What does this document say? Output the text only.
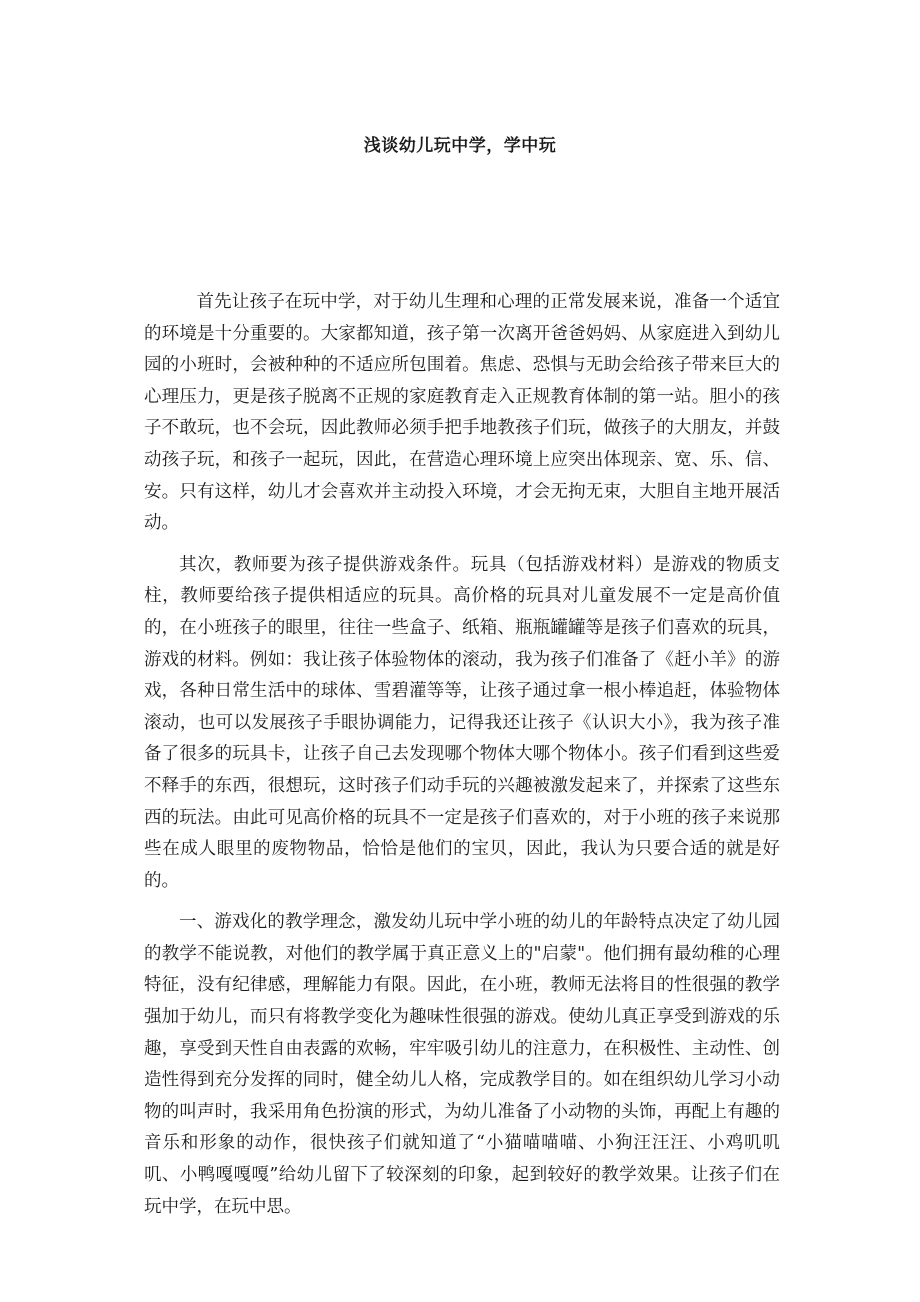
浅谈幼儿玩中学，学中玩

首先让孩子在玩中学，对于幼儿生理和心理的正常发展来说，准备一个适宜的环境是十分重要的。大家都知道，孩子第一次离开爸爸妈妈、从家庭进入到幼儿园的小班时，会被种种的不适应所包围着。焦虑、恐惧与无助会给孩子带来巨大的心理压力，更是孩子脱离不正规的家庭教育走入正规教育体制的第一站。胆小的孩子不敢玩，也不会玩，因此教师必须手把手地教孩子们玩，做孩子的大朋友，并鼓动孩子玩，和孩子一起玩，因此，在营造心理环境上应突出体现亲、宽、乐、信、安。只有这样，幼儿才会喜欢并主动投入环境，才会无拘无束，大胆自主地开展活动。

其次，教师要为孩子提供游戏条件。玩具（包括游戏材料）是游戏的物质支柱，教师要给孩子提供相适应的玩具。高价格的玩具对儿童发展不一定是高价值的，在小班孩子的眼里，往往一些盒子、纸箱、瓶瓶罐罐等是孩子们喜欢的玩具，游戏的材料。例如：我让孩子体验物体的滚动，我为孩子们准备了《赶小羊》的游戏，各种日常生活中的球体、雪碧灌等等，让孩子通过拿一根小棒追赶，体验物体滚动，也可以发展孩子手眼协调能力，记得我还让孩子《认识大小》，我为孩子准备了很多的玩具卡，让孩子自己去发现哪个物体大哪个物体小。孩子们看到这些爱不释手的东西，很想玩，这时孩子们动手玩的兴趣被激发起来了，并探索了这些东西的玩法。由此可见高价格的玩具不一定是孩子们喜欢的，对于小班的孩子来说那些在成人眼里的废物物品，恰恰是他们的宝贝，因此，我认为只要合适的就是好的。

一、游戏化的教学理念，激发幼儿玩中学小班的幼儿的年龄特点决定了幼儿园的教学不能说教，对他们的教学属于真正意义上的"启蒙"。他们拥有最幼稚的心理特征，没有纪律感，理解能力有限。因此，在小班，教师无法将目的性很强的教学强加于幼儿，而只有将教学变化为趣味性很强的游戏。使幼儿真正享受到游戏的乐趣，享受到天性自由表露的欢畅，牢牢吸引幼儿的注意力，在积极性、主动性、创造性得到充分发挥的同时，健全幼儿人格，完成教学目的。如在组织幼儿学习小动物的叫声时，我采用角色扮演的形式，为幼儿准备了小动物的头饰，再配上有趣的音乐和形象的动作，很快孩子们就知道了“小猫喵喵喵、小狗汪汪汪、小鸡叽叽叽、小鸭嘎嘎嘎”给幼儿留下了较深刻的印象，起到较好的教学效果。让孩子们在玩中学，在玩中思。
